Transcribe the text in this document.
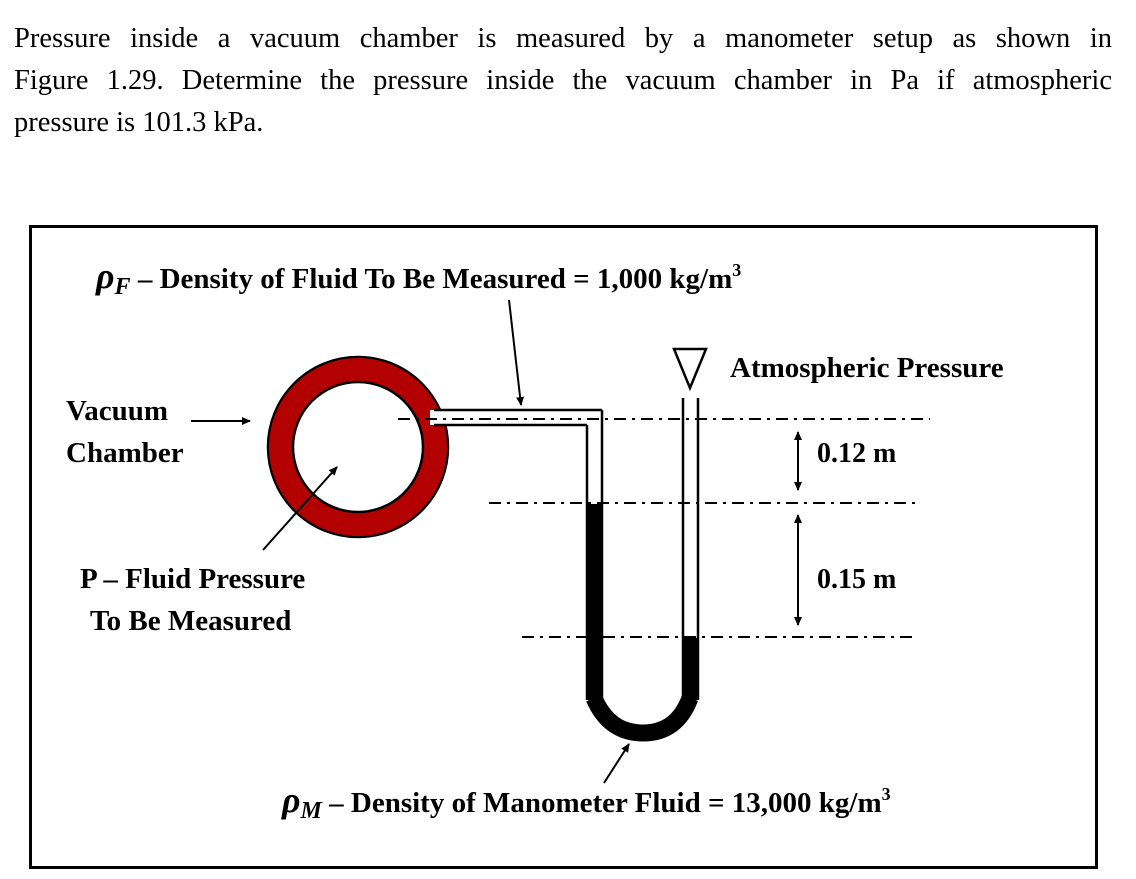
Pressure inside a vacuum chamber is measured by a manometer setup as shown in
Figure 1.29. Determine the pressure inside the vacuum chamber in Pa if atmospheric
pressure is 101.3 kPa.
$\rho_F$ – Density of Fluid To Be Measured = 1,000 $kg/m^3$
Atmospheric Pressure
Vacuum
Chamber
P – Fluid Pressure
To Be Measured
0.12 m
0.15 m
$\rho_M$ – Density of Manometer Fluid = 13,000 $kg/m^3$
